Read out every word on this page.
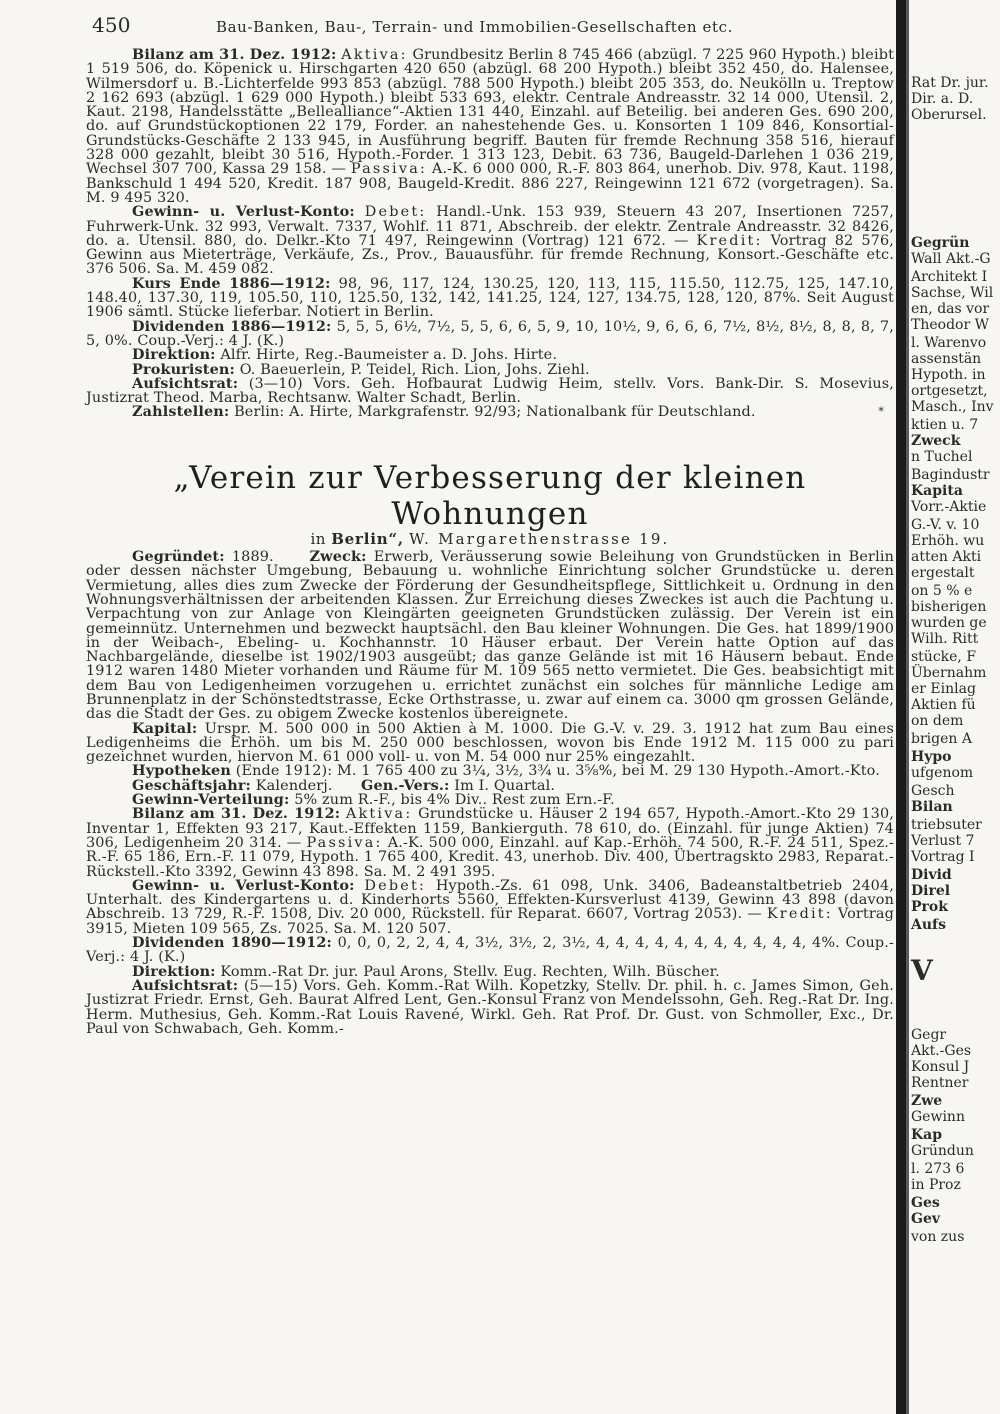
450	Bau-Banken, Bau-, Terrain- und Immobilien-Gesellschaften etc.

Bilanz am 31. Dez. 1912: Aktiva: Grundbesitz Berlin 8 745 466 (abzügl. 7 225 960 Hypoth.) bleibt 1 519 506, do. Köpenick u. Hirschgarten 420 650 (abzügl. 68 200 Hypoth.) bleibt 352 450, do. Halensee, Wilmersdorf u. B.-Lichterfelde 993 853 (abzügl. 788 500 Hypoth.) bleibt 205 353, do. Neukölln u. Treptow 2 162 693 (abzügl. 1 629 000 Hypoth.) bleibt 533 693, elektr. Centrale Andreasstr. 32 14 000, Utensil. 2, Kaut. 2198, Handelsstätte „Bellealliance“-Aktien 131 440, Einzahl. auf Beteilig. bei anderen Ges. 690 200, do. auf Grundstückoptionen 22 179, Forder. an nahestehende Ges. u. Konsorten 1 109 846, Konsortial-Grundstücks-Geschäfte 2 133 945, in Ausführung begriff. Bauten für fremde Rechnung 358 516, hierauf 328 000 gezahlt, bleibt 30 516, Hypoth.-Forder. 1 313 123, Debit. 63 736, Baugeld-Darlehen 1 036 219, Wechsel 307 700, Kassa 29 158. — Passiva: A.-K. 6 000 000, R.-F. 803 864, unerhob. Div. 978, Kaut. 1198, Bankschuld 1 494 520, Kredit. 187 908, Baugeld-Kredit. 886 227, Reingewinn 121 672 (vorgetragen). Sa. M. 9 495 320.

Gewinn- u. Verlust-Konto: Debet: Handl.-Unk. 153 939, Steuern 43 207, Insertionen 7257, Fuhrwerk-Unk. 32 993, Verwalt. 7337, Wohlf. 11 871, Abschreib. der elektr. Zentrale Andreasstr. 32 8426, do. a. Utensil. 880, do. Delkr.-Kto 71 497, Reingewinn (Vortrag) 121 672. — Kredit: Vortrag 82 576, Gewinn aus Mieterträge, Verkäufe, Zs., Prov., Bauausführ. für fremde Rechnung, Konsort.-Geschäfte etc. 376 506. Sa. M. 459 082.

Kurs Ende 1886—1912: 98, 96, 117, 124, 130.25, 120, 113, 115, 115.50, 112.75, 125, 147.10, 148.40, 137.30, 119, 105.50, 110, 125.50, 132, 142, 141.25, 124, 127, 134.75, 128, 120, 87%. Seit August 1906 sämtl. Stücke lieferbar. Notiert in Berlin.

Dividenden 1886—1912: 5, 5, 5, 6½, 7½, 5, 5, 6, 6, 5, 9, 10, 10½, 9, 6, 6, 6, 7½, 8½, 8½, 8, 8, 8, 7, 5, 0%. Coup.-Verj.: 4 J. (K.)

Direktion: Alfr. Hirte, Reg.-Baumeister a. D. Johs. Hirte.

Prokuristen: O. Baeuerlein, P. Teidel, Rich. Lion, Johs. Ziehl.

Aufsichtsrat: (3—10) Vors. Geh. Hofbaurat Ludwig Heim, stellv. Vors. Bank-Dir. S. Mosevius, Justizrat Theod. Marba, Rechtsanw. Walter Schadt, Berlin.

Zahlstellen: Berlin: A. Hirte, Markgrafenstr. 92/93; Nationalbank für Deutschland.	*

„Verein zur Verbesserung der kleinen Wohnungen
in Berlin“, W. Margarethenstrasse 19.

Gegründet: 1889. Zweck: Erwerb, Veräusserung sowie Beleihung von Grundstücken in Berlin oder dessen nächster Umgebung, Bebauung u. wohnliche Einrichtung solcher Grundstücke u. deren Vermietung, alles dies zum Zwecke der Förderung der Gesundheitspflege, Sittlichkeit u. Ordnung in den Wohnungsverhältnissen der arbeitenden Klassen. Zur Erreichung dieses Zweckes ist auch die Pachtung u. Verpachtung von zur Anlage von Kleingärten geeigneten Grundstücken zulässig. Der Verein ist ein gemeinnütz. Unternehmen und bezweckt hauptsächl. den Bau kleiner Wohnungen. Die Ges. hat 1899/1900 in der Weibach-, Ebeling- u. Kochhannstr. 10 Häuser erbaut. Der Verein hatte Option auf das Nachbargelände, dieselbe ist 1902/1903 ausgeübt; das ganze Gelände ist mit 16 Häusern bebaut. Ende 1912 waren 1480 Mieter vorhanden und Räume für M. 109 565 netto vermietet. Die Ges. beabsichtigt mit dem Bau von Ledigenheimen vorzugehen u. errichtet zunächst ein solches für männliche Ledige am Brunnenplatz in der Schönstedtstrasse, Ecke Orthstrasse, u. zwar auf einem ca. 3000 qm grossen Gelände, das die Stadt der Ges. zu obigem Zwecke kostenlos übereignete.

Kapital: Urspr. M. 500 000 in 500 Aktien à M. 1000. Die G.-V. v. 29. 3. 1912 hat zum Bau eines Ledigenheims die Erhöh. um bis M. 250 000 beschlossen, wovon bis Ende 1912 M. 115 000 zu pari gezeichnet wurden, hiervon M. 61 000 voll- u. von M. 54 000 nur 25% eingezahlt.

Hypotheken (Ende 1912): M. 1 765 400 zu 3¼, 3½, 3¾ u. 3⅝%, bei M. 29 130 Hypoth.-Amort.-Kto.

Geschäftsjahr: Kalenderj. Gen.-Vers.: Im I. Quartal.

Gewinn-Verteilung: 5% zum R.-F., bis 4% Div.. Rest zum Ern.-F.

Bilanz am 31. Dez. 1912: Aktiva: Grundstücke u. Häuser 2 194 657, Hypoth.-Amort.-Kto 29 130, Inventar 1, Effekten 93 217, Kaut.-Effekten 1159, Bankierguth. 78 610, do. (Einzahl. für junge Aktien) 74 306, Ledigenheim 20 314. — Passiva: A.-K. 500 000, Einzahl. auf Kap.-Erhöh. 74 500, R.-F. 24 511, Spez.-R.-F. 65 186, Ern.-F. 11 079, Hypoth. 1 765 400, Kredit. 43, unerhob. Div. 400, Übertragskto 2983, Reparat.-Rückstell.-Kto 3392, Gewinn 43 898. Sa. M. 2 491 395.

Gewinn- u. Verlust-Konto: Debet: Hypoth.-Zs. 61 098, Unk. 3406, Badeanstaltbetrieb 2404, Unterhalt. des Kindergartens u. d. Kinderhorts 5560, Effekten-Kursverlust 4139, Gewinn 43 898 (davon Abschreib. 13 729, R.-F. 1508, Div. 20 000, Rückstell. für Reparat. 6607, Vortrag 2053). — Kredit: Vortrag 3915, Mieten 109 565, Zs. 7025. Sa. M. 120 507.

Dividenden 1890—1912: 0, 0, 0, 2, 2, 4, 4, 3½, 3½, 2, 3½, 4, 4, 4, 4, 4, 4, 4, 4, 4, 4, 4, 4%. Coup.-Verj.: 4 J. (K.)

Direktion: Komm.-Rat Dr. jur. Paul Arons, Stellv. Eug. Rechten, Wilh. Büscher.

Aufsichtsrat: (5—15) Vors. Geh. Komm.-Rat Wilh. Kopetzky, Stellv. Dr. phil. h. c. James Simon, Geh. Justizrat Friedr. Ernst, Geh. Baurat Alfred Lent, Gen.-Konsul Franz von Mendelssohn, Geh. Reg.-Rat Dr. Ing. Herm. Muthesius, Geh. Komm.-Rat Louis Ravené, Wirkl. Geh. Rat Prof. Dr. Gust. von Schmoller, Exc., Dr. Paul von Schwabach, Geh. Komm.-

Rat Dr. jur.
Dir. a. D.
Oberursel.
Gegrün
Wall Akt.-G
Architekt I
Sachse, Wil
en, das vor
Theodor W
l. Warenvo
assenstän
Hypoth. in
ortgesetzt,
Masch., Inv
ktien u. 7
Zweck
n Tuchel
Bagindustr
Kapita
Vorr.-Aktie
G.-V. v. 10
Erhöh. wu
atten Akti
ergestalt
on 5 % e
bisherigen
wurden ge
Wilh. Ritt
stücke, F
Übernahm
er Einlag
Aktien fü
on dem
brigen A
Hypo
ufgenom
Gesch
Bilan
triebsuter
Verlust 7
Vortrag I
Divid
Direl
Prok
Aufs
V
Gegr
Akt.-Ges
Konsul J
Rentner
Zwe
Gewinn
Kap
Gründun
l. 273 6
in Proz
Ges
Gev
von zus
